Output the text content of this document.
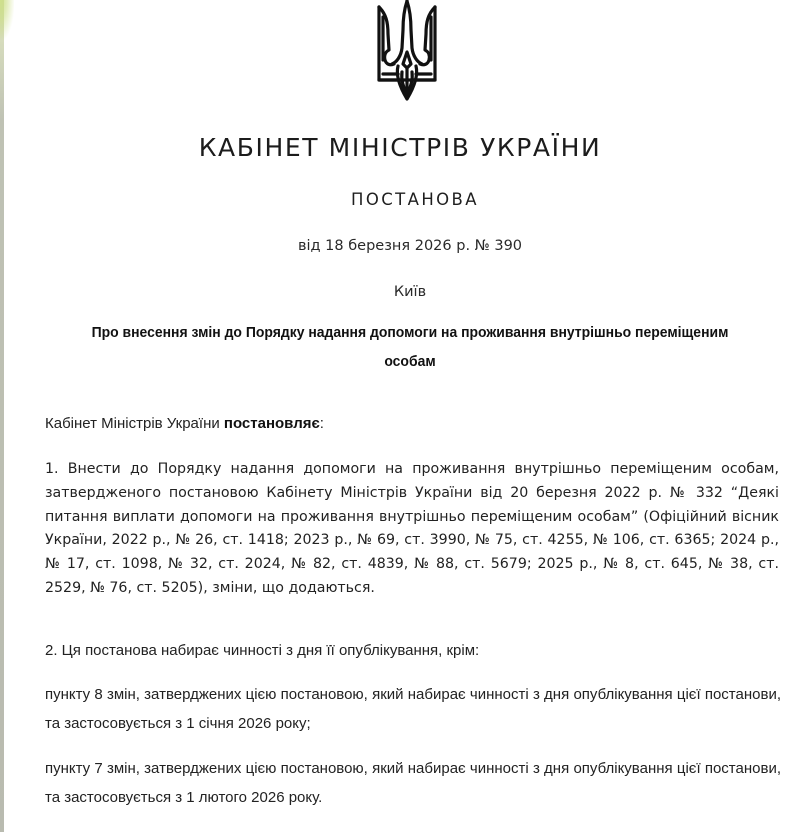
КАБІНЕТ МІНІСТРІВ УКРАЇНИ
ПОСТАНОВА
від 18 березня 2026 р. № 390
Київ
Про внесення змін до Порядку надання допомоги на проживання внутрішньо переміщеним особам
Кабінет Міністрів України постановляє:
1. Внести до Порядку надання допомоги на проживання внутрішньо переміщеним особам, затвердженого постановою Кабінету Міністрів України від 20 березня 2022 р. № 332 “Деякі питання виплати допомоги на проживання внутрішньо переміщеним особам” (Офіційний вісник України, 2022 р., № 26, ст. 1418; 2023 р., № 69, ст. 3990, № 75, ст. 4255, № 106, ст. 6365; 2024 р., № 17, ст. 1098, № 32, ст. 2024, № 82, ст. 4839, № 88, ст. 5679; 2025 р., № 8, ст. 645, № 38, ст. 2529, № 76, ст. 5205), зміни, що додаються.
2. Ця постанова набирає чинності з дня її опублікування, крім:
пункту 8 змін, затверджених цією постановою, який набирає чинності з дня опублікування цієї постанови, та застосовується з 1 січня 2026 року;
пункту 7 змін, затверджених цією постановою, який набирає чинності з дня опублікування цієї постанови, та застосовується з 1 лютого 2026 року.
